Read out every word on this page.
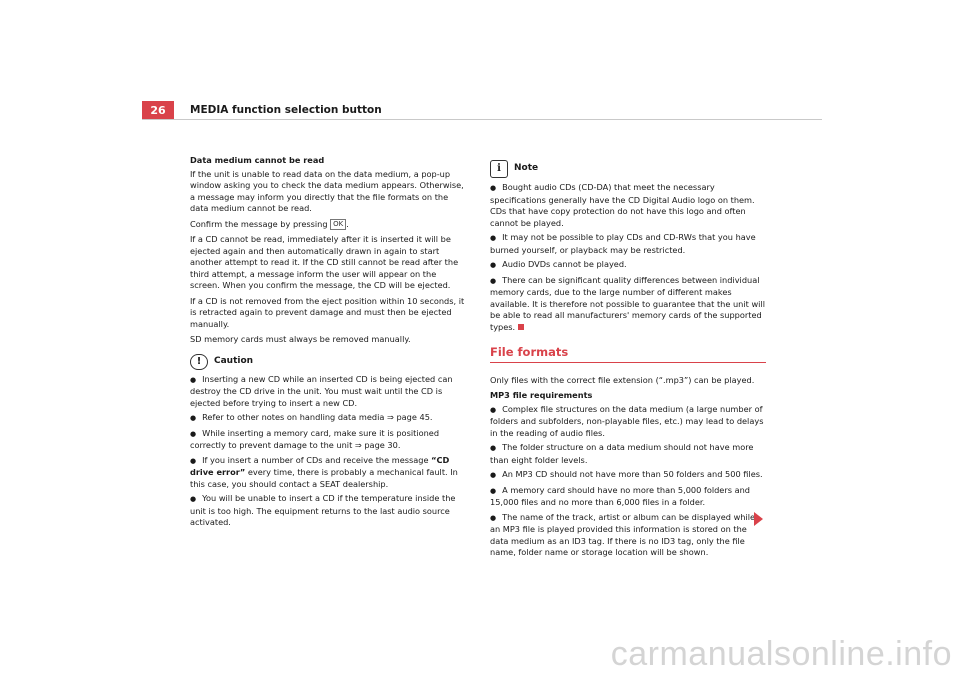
26	MEDIA function selection button

Data medium cannot be read

If the unit is unable to read data on the data medium, a pop-up window asking you to check the data medium appears. Otherwise, a message may inform you directly that the file formats on the data medium cannot be read.

Confirm the message by pressing OK .

If a CD cannot be read, immediately after it is inserted it will be ejected again and then automatically drawn in again to start another attempt to read it. If the CD still cannot be read after the third attempt, a message inform the user will appear on the screen. When you confirm the message, the CD will be ejected.

If a CD is not removed from the eject position within 10 seconds, it is retracted again to prevent damage and must then be ejected manually.

SD memory cards must always be removed manually.

!	Caution

● Inserting a new CD while an inserted CD is being ejected can destroy the CD drive in the unit. You must wait until the CD is ejected before trying to insert a new CD.

● Refer to other notes on handling data media ⇒ page 45.

● While inserting a memory card, make sure it is positioned correctly to prevent damage to the unit ⇒ page 30.

● If you insert a number of CDs and receive the message “CD drive error” every time, there is probably a mechanical fault. In this case, you should contact a SEAT dealership.

● You will be unable to insert a CD if the temperature inside the unit is too high. The equipment returns to the last audio source activated.

i	Note

● Bought audio CDs (CD-DA) that meet the necessary specifications generally have the CD Digital Audio logo on them. CDs that have copy protection do not have this logo and often cannot be played.

● It may not be possible to play CDs and CD-RWs that you have burned yourself, or playback may be restricted.

● Audio DVDs cannot be played.

● There can be significant quality differences between individual memory cards, due to the large number of different makes available. It is therefore not possible to guarantee that the unit will be able to read all manufacturers' memory cards of the supported types.

File formats

Only files with the correct file extension (“.mp3”) can be played.

MP3 file requirements

● Complex file structures on the data medium (a large number of folders and subfolders, non-playable files, etc.) may lead to delays in the reading of audio files.

● The folder structure on a data medium should not have more than eight folder levels.

● An MP3 CD should not have more than 50 folders and 500 files.

● A memory card should have no more than 5,000 folders and 15,000 files and no more than 6,000 files in a folder.

● The name of the track, artist or album can be displayed while an MP3 file is played provided this information is stored on the data medium as an ID3 tag. If there is no ID3 tag, only the file name, folder name or storage location will be shown.

carmanualsonline.info
